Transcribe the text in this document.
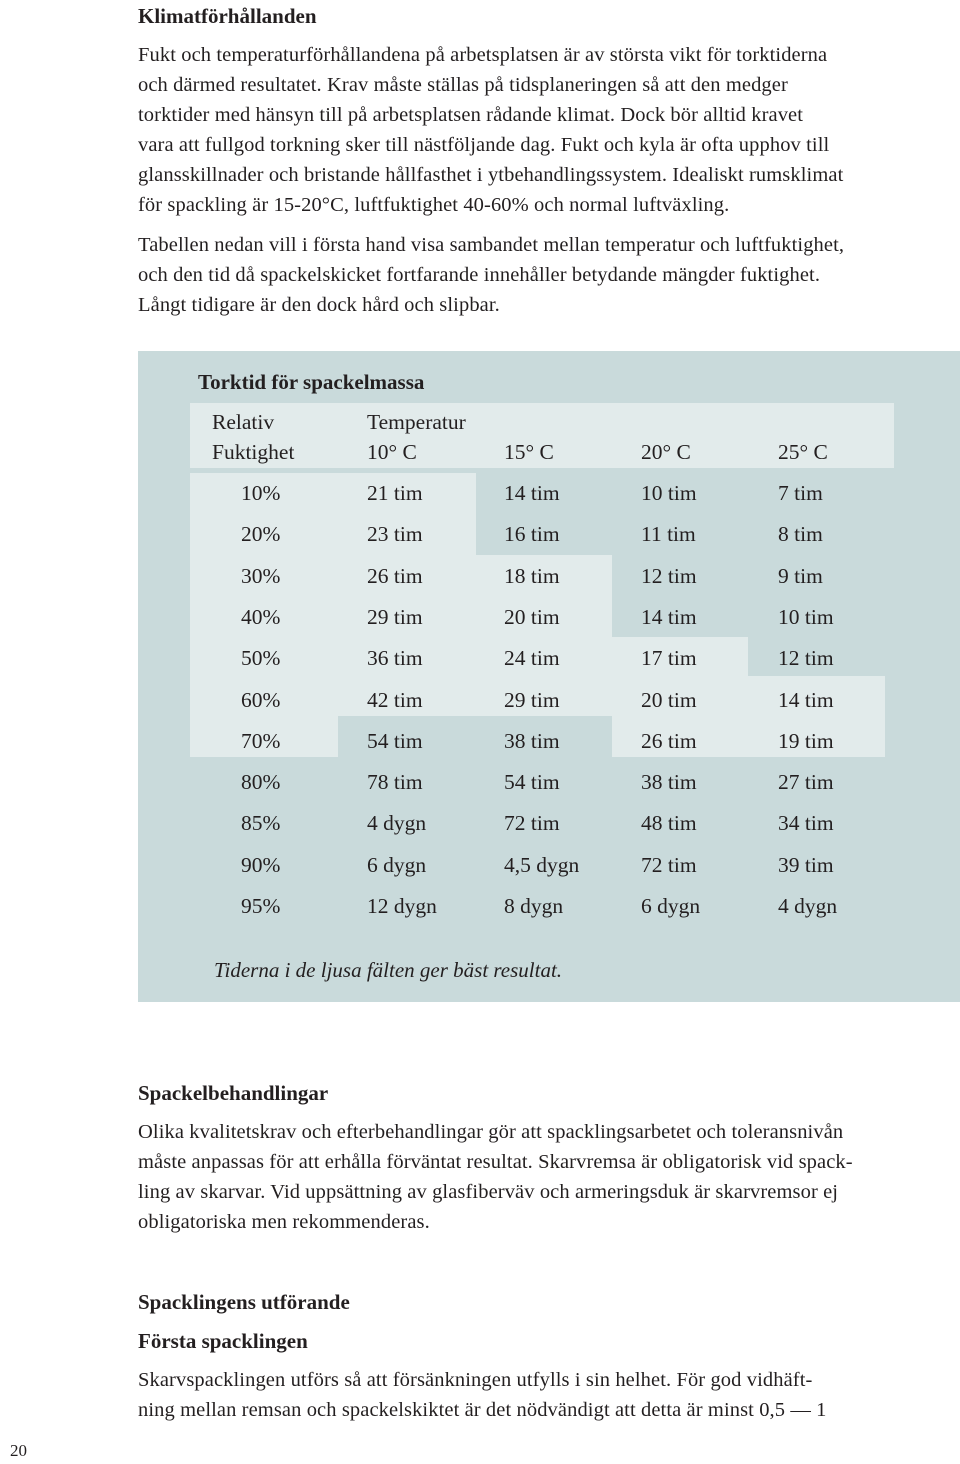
Klimatförhållanden
Fukt och temperaturförhållandena på arbetsplatsen är av största vikt för torktiderna
och därmed resultatet. Krav måste ställas på tidsplaneringen så att den medger
torktider med hänsyn till på arbetsplatsen rådande klimat. Dock bör alltid kravet
vara att fullgod torkning sker till nästföljande dag. Fukt och kyla är ofta upphov till
glansskillnader och bristande hållfasthet i ytbehandlingssystem. Idealiskt rumsklimat
för spackling är 15-20°C, luftfuktighet 40-60% och normal luftväxling.
Tabellen nedan vill i första hand visa sambandet mellan temperatur och luftfuktighet,
och den tid då spackelskicket fortfarande innehåller betydande mängder fuktighet.
Långt tidigare är den dock hård och slipbar.
Torktid för spackelmassa
Relativ
Fuktighet
Temperatur
10° C	15° C	20° C	25° C
10%	21 tim	14 tim	10 tim	7 tim
20%	23 tim	16 tim	11 tim	8 tim
30%	26 tim	18 tim	12 tim	9 tim
40%	29 tim	20 tim	14 tim	10 tim
50%	36 tim	24 tim	17 tim	12 tim
60%	42 tim	29 tim	20 tim	14 tim
70%	54 tim	38 tim	26 tim	19 tim
80%	78 tim	54 tim	38 tim	27 tim
85%	4 dygn	72 tim	48 tim	34 tim
90%	6 dygn	4,5 dygn	72 tim	39 tim
95%	12 dygn	8 dygn	6 dygn	4 dygn
Tiderna i de ljusa fälten ger bäst resultat.
Spackelbehandlingar
Olika kvalitetskrav och efterbehandlingar gör att spacklingsarbetet och toleransnivån
måste anpassas för att erhålla förväntat resultat. Skarvremsa är obligatorisk vid spack-
ling av skarvar. Vid uppsättning av glasfiberväv och armeringsduk är skarvremsor ej
obligatoriska men rekommenderas.
Spacklingens utförande
Första spacklingen
Skarvspacklingen utförs så att försänkningen utfylls i sin helhet. För god vidhäft-
ning mellan remsan och spackelskiktet är det nödvändigt att detta är minst 0,5 — 1
20
